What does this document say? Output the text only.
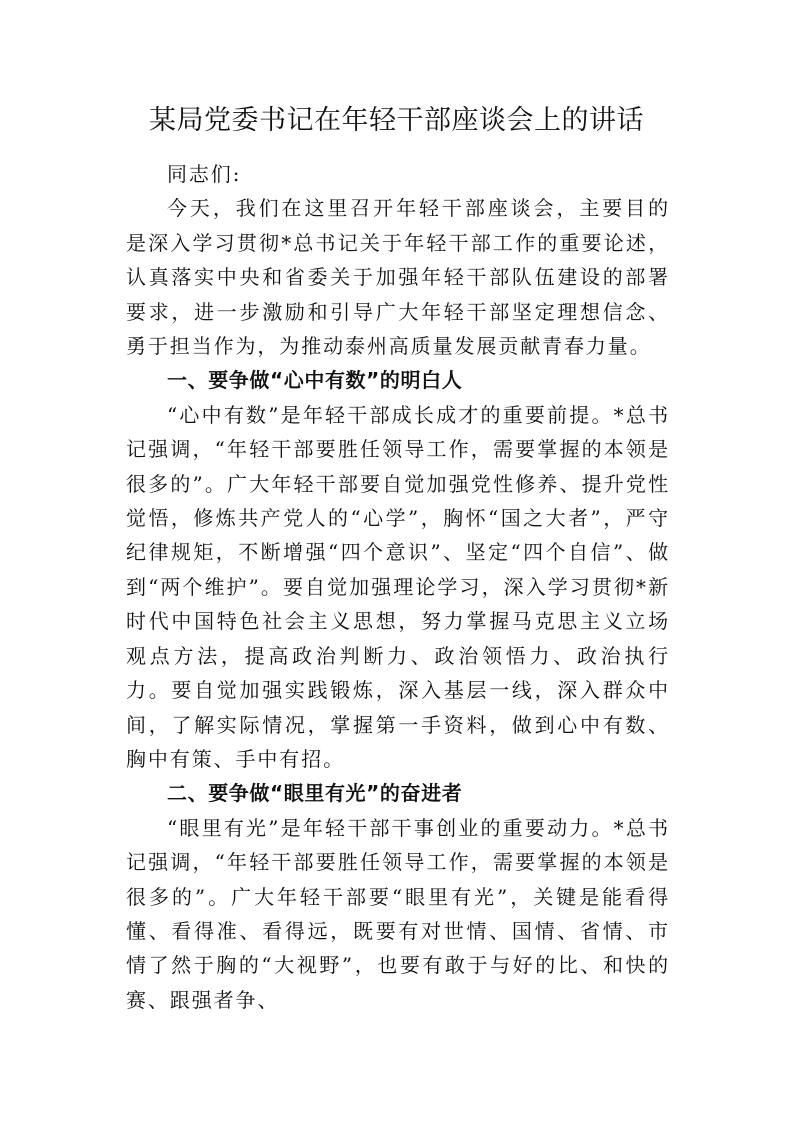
某局党委书记在年轻干部座谈会上的讲话

同志们:

今天，我们在这里召开年轻干部座谈会，主要目的是深入学习贯彻*总书记关于年轻干部工作的重要论述，认真落实中央和省委关于加强年轻干部队伍建设的部署要求，进一步激励和引导广大年轻干部坚定理想信念、勇于担当作为，为推动泰州高质量发展贡献青春力量。

一、要争做“心中有数”的明白人

“心中有数”是年轻干部成长成才的重要前提。*总书记强调，“年轻干部要胜任领导工作，需要掌握的本领是很多的”。广大年轻干部要自觉加强党性修养、提升党性觉悟，修炼共产党人的“心学”，胸怀“国之大者”，严守纪律规矩，不断增强“四个意识”、坚定“四个自信”、做到“两个维护”。要自觉加强理论学习，深入学习贯彻*新时代中国特色社会主义思想，努力掌握马克思主义立场观点方法，提高政治判断力、政治领悟力、政治执行力。要自觉加强实践锻炼，深入基层一线，深入群众中间，了解实际情况，掌握第一手资料，做到心中有数、胸中有策、手中有招。

二、要争做“眼里有光”的奋进者

“眼里有光”是年轻干部干事创业的重要动力。*总书记强调，“年轻干部要胜任领导工作，需要掌握的本领是很多的”。广大年轻干部要“眼里有光”，关键是能看得懂、看得准、看得远，既要有对世情、国情、省情、市情了然于胸的“大视野”，也要有敢于与好的比、和快的赛、跟强者争、
